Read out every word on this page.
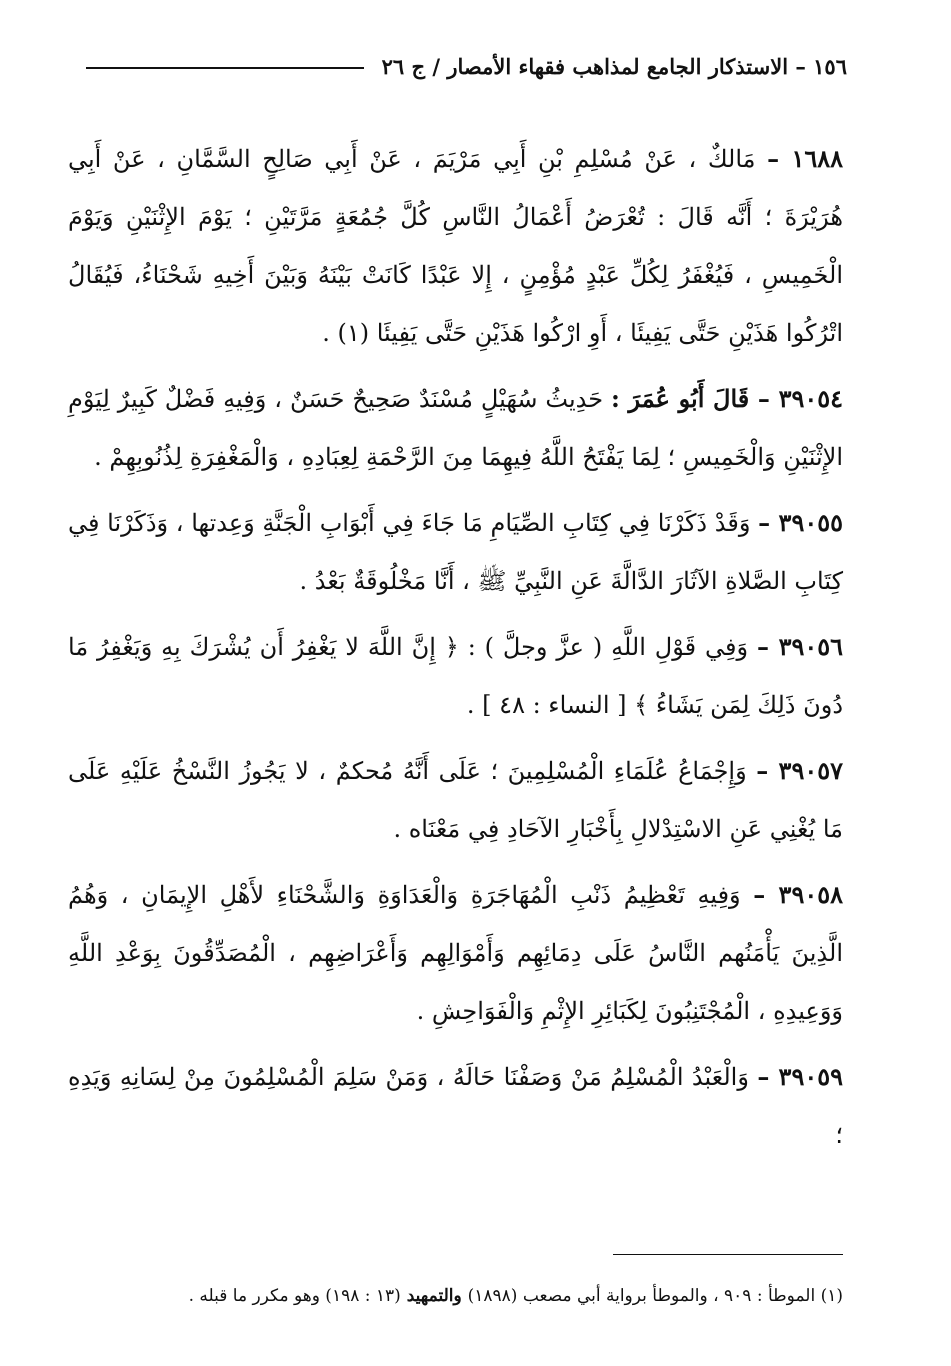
١٥٦ – الاستذكار الجامع لمذاهب فقهاء الأمصار / ج ٢٦

١٦٨٨ – مَالكٌ ، عَنْ مُسْلِمِ بْنِ أَبِي مَرْيَمَ ، عَنْ أَبِي صَالِحٍ السَّمَّانِ ، عَنْ أَبِي هُرَيْرَةَ ؛ أَنَّه قَالَ : تُعْرَضُ أَعْمَالُ النَّاسِ كُلَّ جُمُعَةٍ مَرَّتَيْنِ ؛ يَوْمَ الإِثْنَيْنِ وَيَوْمَ الْخَمِيسِ ، فَيُغْفَرُ لِكُلِّ عَبْدٍ مُؤْمِنٍ ، إِلا عَبْدًا كَانَتْ بَيْنَهُ وَبَيْنَ أَخِيهِ شَحْنَاءُ، فَيُقَالُ اتْرُكُوا هَذَيْنِ حَتَّى يَفِيئَا ، أَوِ ارْكُوا هَذَيْنِ حَتَّى يَفِيئَا (١) .

٣٩٠٥٤ – قَالَ أَبُو عُمَرَ : حَدِيثُ سُهَيْلٍ مُسْنَدٌ صَحِيحٌ حَسَنٌ ، وَفِيهِ فَضْلٌ كَبِيرٌ لِيَوْمِ الإِثْنَيْنِ وَالْخَمِيسِ ؛ لِمَا يَفْتَحُ اللَّهُ فِيهِمَا مِنَ الرَّحْمَةِ لِعِبَادِهِ ، وَالْمَغْفِرَةِ لِذُنُوبِهِمْ .

٣٩٠٥٥ – وَقَدْ ذَكَرْنَا فِي كِتَابِ الصِّيَامِ مَا جَاءَ فِي أَبْوَابِ الْجَنَّةِ وَعِدتها ، وَذَكَرْنَا فِي كِتَابِ الصَّلاةِ الآثَارَ الدَّالَّةَ عَنِ النَّبِيِّ ﷺ ، أَنَّا مَخْلُوقَةٌ بَعْدُ .

٣٩٠٥٦ – وَفِي قَوْلِ اللَّهِ ( عزَّ وجلَّ ) : ﴿ إِنَّ اللَّهَ لا يَغْفِرُ أَن يُشْرَكَ بِهِ وَيَغْفِرُ مَا دُونَ ذَلِكَ لِمَن يَشَاءُ ﴾ [ النساء : ٤٨ ] .

٣٩٠٥٧ – وَإِجْمَاعُ عُلَمَاءِ الْمُسْلِمِينَ ؛ عَلَى أَنَّهُ مُحكمٌ ، لا يَجُوزُ النَّسْخُ عَلَيْهِ عَلَى مَا يُغْنِي عَنِ الاسْتِدْلالِ بِأَخْبَارِ الآحَادِ فِي مَعْنَاه .

٣٩٠٥٨ – وَفِيهِ تَعْظِيمُ ذَنْبِ الْمُهَاجَرَةِ وَالْعَدَاوَةِ وَالشَّحْنَاءِ لأَهْلِ الإِيمَانِ ، وَهُمُ الَّذِينَ يَأْمَنُهم النَّاسُ عَلَى دِمَائِهِم وَأَمْوَالِهِم وَأَعْرَاضِهِم ، الْمُصَدِّقُونَ بِوَعْدِ اللَّهِ وَوَعِيدِهِ ، الْمُجْتَنِبُونَ لِكَبَائِرِ الإِثْمِ وَالْفَوَاحِشِ .

٣٩٠٥٩ – وَالْعَبْدُ الْمُسْلِمُ مَنْ وَصَفْنَا حَالَهُ ، وَمَنْ سَلِمَ الْمُسْلِمُونَ مِنْ لِسَانِهِ وَيَدِهِ ؛

(١) الموطأ : ٩٠٩ ، والموطأ برواية أبي مصعب (١٨٩٨) والتمهيد (١٣ : ١٩٨) وهو مكرر ما قبله .
